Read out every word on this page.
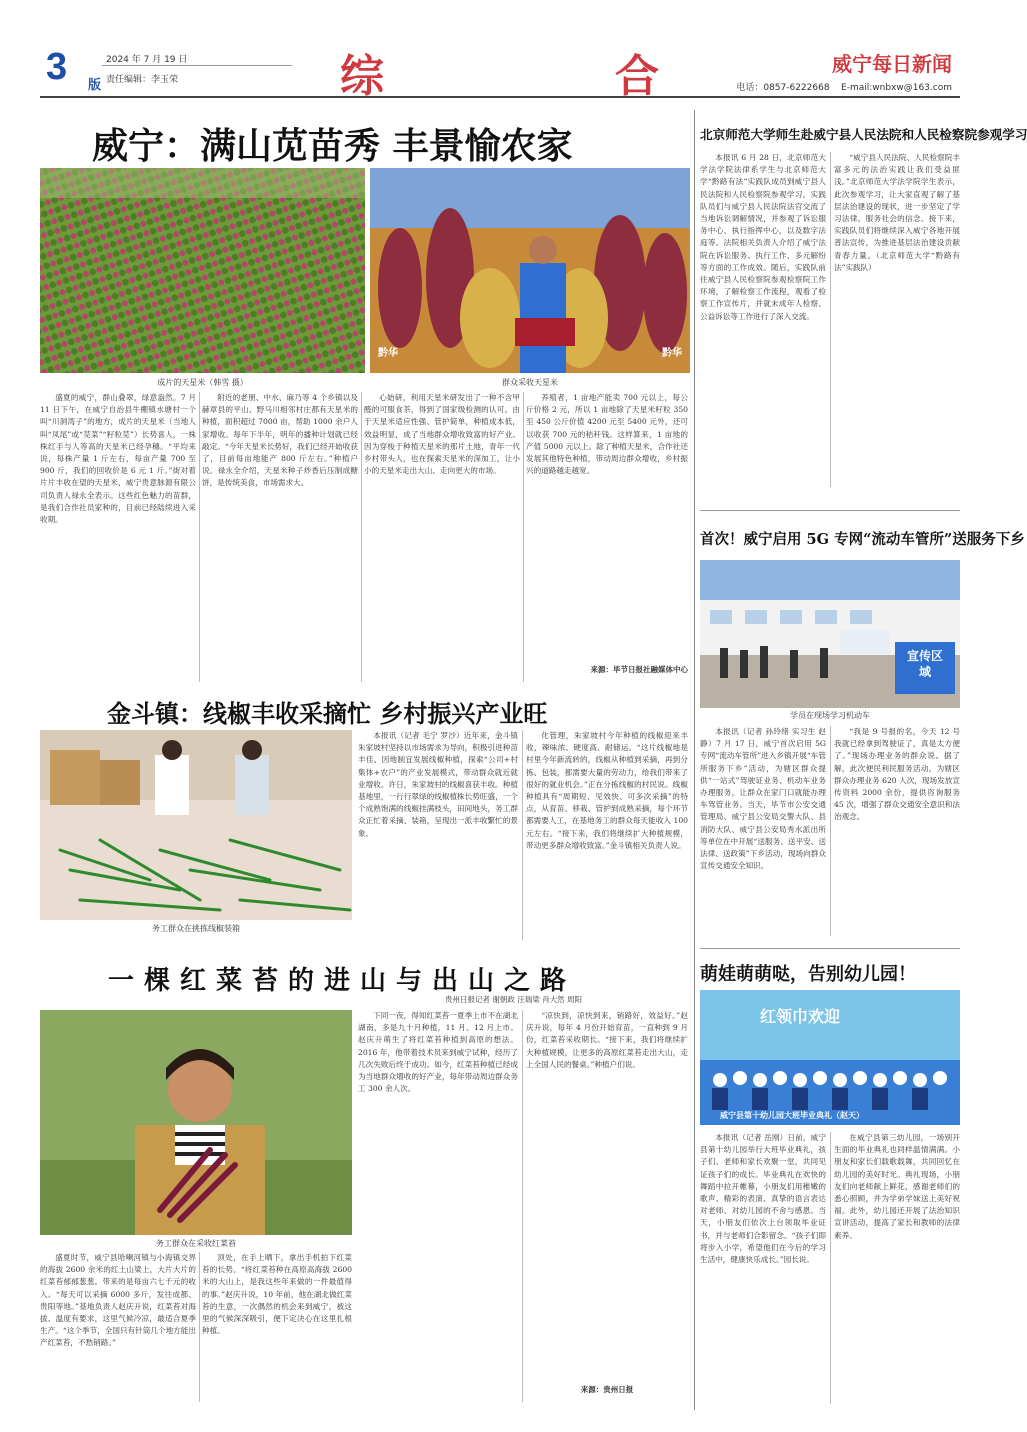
3 版
2024 年 7 月 19 日
责任编辑：李玉荣	综	合	威宁每日新闻
电话：0857-6222668 E-mail:wnbxw@163.com
威宁：满山苋苗秀 丰景愉农家
成片的天星米（韩雪 摄）
黔华	黔华
群众采收天星米

盛夏的威宁，群山叠翠，绿意盎然。7 月 11 日下午，在威宁自治县牛棚镇水塘村一个叫“川洞湾子”的地方，成片的天星米（当地人叫“凤尾”或“苋菜”“籽粒苋”）长势喜人，一株株红手与人等高的天星米已经孕穗。“平均来说，每株产量 1 斤左右，每亩产量 700 至 900 斤，我们的回收价是 6 元 1 斤。”街对着片片丰收在望的天星米，威宁贵意脉源有限公司负责人禄永全表示。这些红色魅力的苗群，是我们合作社员家种的，目前已经陆续进入采收期。

附近的老朋、中水、麻乃等 4 个乡镇以及赫章县的平山、野马川相邻村庄都有天星米的种植，面积超过 7000 亩，帮助 1000 余户人家增收。每年下半年，明年的播种计划就已经敲定。“今年天星米长势好，我们已经开始收获了，目前每亩地能产 800 斤左右。”种植户说。禄永全介绍，天星米种子炒香后压制成糖饼，是传统美食，市场需求大。

心始研，利用天星米研发出了一种不含甲醛的可服食茶，得到了国家级检测的认可。由于天星米适应性强、管护简单，种植成本低，效益明显，成了当地群众增收致富的好产业。因为穿梭于种植天星米的那片土地，青年一代乡村带头人，也在探索天星米的深加工，让小小的天星米走出大山、走向更大的市场。

养殖者，1 亩地产能卖 700 元以上，每公斤价格 2 元，所以 1 亩地除了天星米籽粒 350 至 450 公斤价值 4200 元至 5400 元外，还可以收获 700 元的秸秆钱。这样算来，1 亩地的产值 5000 元以上。除了种植天星米，合作社还发展其他特色种植，带动周边群众增收，乡村振兴的道路越走越宽。

来源：毕节日报社融媒体中心
金斗镇：线椒丰收采摘忙 乡村振兴产业旺
务工群众在挑拣线椒装箱

本报讯（记者 毛宁 罗沙）近年来，金斗镇朱家坡村坚持以市场需求为导向，积极引进种苗丰佳、因地制宜发展线椒种植，探索“公司+村集体+农户”的产业发展模式，带动群众就近就业增收。许日，朱家坡村的线椒喜获丰收。种植基地里，一行行翠绿的线椒植株长势旺盛，一个个成熟饱满的线椒挂满枝头，田间地头，务工群众正忙着采摘、装箱，呈现出一派丰收繁忙的景象。

化管理，朱家坡村今年种植的线椒迎来丰收，辣味浓、硬度高、耐储运。“这片线椒地是村里今年新流转的，线椒从种植到采摘，再到分拣、包装，都需要大量的劳动力，给我们带来了很好的就业机会。”正在分拣线椒的村民说。线椒种植具有“周期短、见效快、可多次采摘”的特点，从育苗、移栽、管护到成熟采摘，每个环节都需要人工，在基地务工的群众每天能收入 100 元左右。“接下来，我们将继续扩大种植规模，带动更多群众增收致富。”金斗镇相关负责人说。

一棵红菜苔的进山与出山之路
贵州日报记者 谢朝政 汪瑞梁 肖大然 周阳
务工群众在采收红菜苔

盛夏时节，威宁县哈喇河镇与小海镇交界的海拔 2600 余米的红土山梁上，大片大片的红菜苔郁郁葱葱。带来的是每亩六七千元的收入。“每天可以采摘 6000 多斤，发往成都、贵阳等地。”基地负责人赵庆升说，红菜苔对海拔、温度有要求，这里气候冷凉，最适合夏季生产。“这个季节，全国只有针筒几个地方能出产红菜苔，不愁销路。”

顶处，在手上晒下，拿出手机拍下红菜苔的长势。“将红菜苔种在高原高海拔 2600 米的大山上，是我这些年来做的一件最值得的事。”赵庆升说，10 年前，他在湖北做红菜苔的生意，一次偶然的机会来到威宁，被这里的气候深深吸引，便下定决心在这里扎根种植。

下同一夜，得知红菜苔一夏季上市不在湖北湖南，多是九十月种植，11 月、12 月上市。赵庆升萌生了将红菜苔种植到高原的想法。2016 年，他带着技术员来到威宁试种，经历了几次失败后终于成功。如今，红菜苔种植已经成为当地群众增收的好产业，每年带动周边群众务工 300 余人次。

“凉快到，凉快到来，销路好，效益好。”赵庆升说，每年 4 月份开始育苗，一直种到 9 月份，红菜苔采收期长。“接下来，我们将继续扩大种植规模，让更多的高原红菜苔走出大山，走上全国人民的餐桌。”种植户们说。

来源：贵州日报
北京师范大学师生赴威宁县人民法院和人民检察院参观学习

本报讯 6 月 28 日，北京师范大学法学院法律系学生与北京师范大学“黔路有法”实践队成员到威宁县人民法院和人民检察院参观学习。实践队员们与威宁县人民法院法官交流了当地诉讼调解情况，并参观了诉讼服务中心、执行指挥中心，以及数字法庭等。法院相关负责人介绍了威宁法院在诉讼服务、执行工作、多元解纷等方面的工作成效。随后，实践队前往威宁县人民检察院参观检察院工作环境，了解检察工作流程，观看了检察工作宣传片，并就未成年人检察、公益诉讼等工作进行了深入交流。

“威宁县人民法院、人民检察院丰富多元的法治实践让我们受益匪浅。”北京师范大学法学院学生表示，此次参观学习，让大家直观了解了基层法治建设的现状，进一步坚定了学习法律、服务社会的信念。接下来，实践队员们将继续深入威宁各地开展普法宣传，为推进基层法治建设贡献青春力量。（北京师范大学“黔路有法”实践队）

首次！威宁启用 5G 专网“流动车管所”送服务下乡
宣传区域
学员在现场学习机动车

本报讯（记者 孙玲绪 实习生 赵静）7 月 17 日，威宁首次启用 5G 专网“流动车管所”进入乡镇开展“车管所服务下乡”活动，为辖区群众提供“一站式”驾驶证业务、机动车业务办理服务，让群众在家门口就能办理车驾管业务。当天，毕节市公安交通管理局、威宁县公安局交警大队、县消防大队、威宁县公安局秀水派出所等单位在中开展“送服务、送平安、送法律、送政策”下乡活动，现场向群众宣传交通安全知识。

“我是 9 号报的名，今天 12 号我就已经拿到驾驶证了，真是太方便了。”现场办理业务的群众说。据了解，此次便民利民服务活动，为辖区群众办理业务 620 人次，现场发放宣传资料 2000 余份，提供咨询服务 45 次，增强了群众交通安全意识和法治观念。

萌娃萌萌哒，告别幼儿园！
红领巾欢迎
威宁县第十幼儿园大班毕业典礼（赵天）

本报讯（记者 岳刚）日前，威宁县第十幼儿园举行大班毕业典礼，孩子们、老师和家长欢聚一堂，共同见证孩子们的成长。毕业典礼在欢快的舞蹈中拉开帷幕，小朋友们用稚嫩的歌声、精彩的表演、真挚的语言表达对老师、对幼儿园的不舍与感恩。当天，小朋友们依次上台领取毕业证书，并与老师们合影留念。“孩子们即将步入小学，希望他们在今后的学习生活中，健康快乐成长。”园长说。

在威宁县第三幼儿园，一场别开生面的毕业典礼也同样温情满满。小朋友和家长们载歌载舞，共同回忆在幼儿园的美好时光。典礼现场，小朋友们向老师献上鲜花，感谢老师们的悉心照顾，并为学弟学妹送上美好祝福。此外，幼儿园还开展了法治知识宣讲活动，提高了家长和教师的法律素养。
